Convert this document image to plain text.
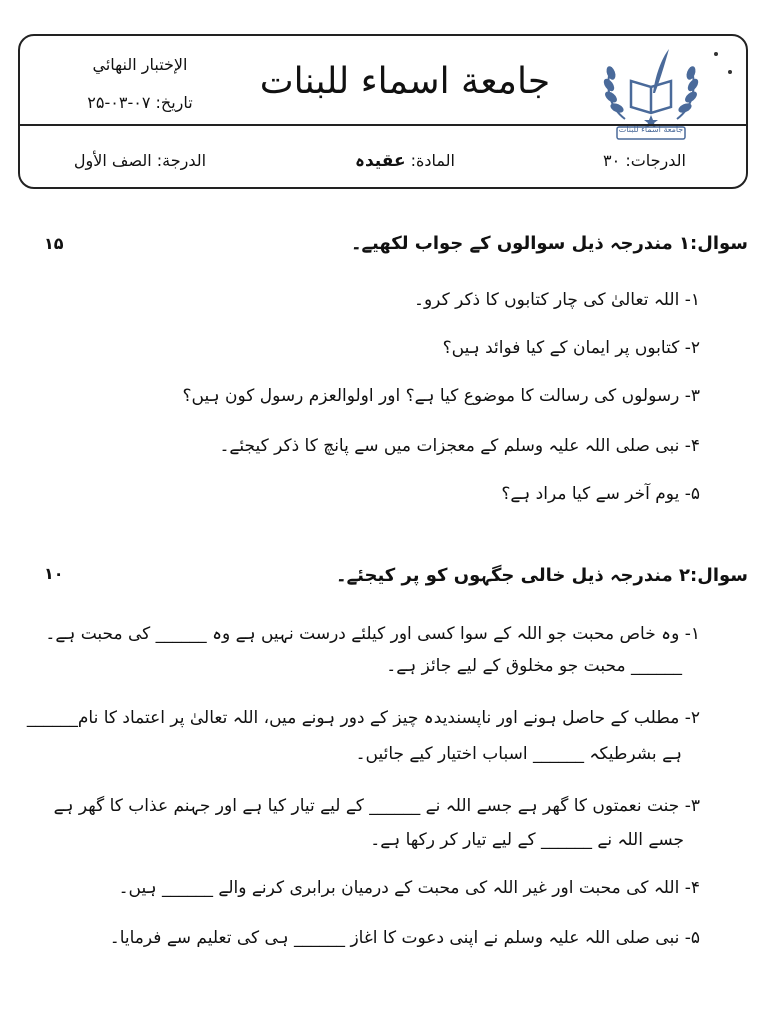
جامعة اسماء للبنات
جامعة اسماء للبنات
الإختبار النهائي
تاریخ: ۰۷-۰۳-۲۵
الدرجات: ۳۰
المادة: عقیدہ
الدرجة: الصف الأول
سوال:۱ مندرجہ ذیل سوالوں کے جواب لکھیے۔
۱۵
۱- اللہ تعالیٰ کی چار کتابوں کا ذکر کرو۔
۲- کتابوں پر ایمان کے کیا فوائد ہیں؟
۳- رسولوں کی رسالت کا موضوع کیا ہے؟ اور اولوالعزم رسول کون ہیں؟
۴- نبی صلی اللہ علیہ وسلم کے معجزات میں سے پانچ کا ذکر کیجئے۔
۵- یوم آخر سے کیا مراد ہے؟
سوال:۲ مندرجہ ذیل خالی جگہوں کو پر کیجئے۔
۱۰
۱- وہ خاص محبت جو اللہ کے سوا کسی اور کیلئے درست نہیں ہے وہ ______ کی محبت ہے۔
______ محبت جو مخلوق کے لیے جائز ہے۔
۲- مطلب کے حاصل ہونے اور ناپسندیدہ چیز کے دور ہونے میں، اللہ تعالیٰ پر اعتماد کا نام______
ہے بشرطیکہ ______ اسباب اختیار کیے جائیں۔
۳- جنت نعمتوں کا گھر ہے جسے اللہ نے ______ کے لیے تیار کیا ہے اور جہنم عذاب کا گھر ہے
جسے اللہ نے ______ کے لیے تیار کر رکھا ہے۔
۴- اللہ کی محبت اور غیر اللہ کی محبت کے درمیان برابری کرنے والے ______ ہیں۔
۵- نبی صلی اللہ علیہ وسلم نے اپنی دعوت کا اغاز ______ ہی کی تعلیم سے فرمایا۔
